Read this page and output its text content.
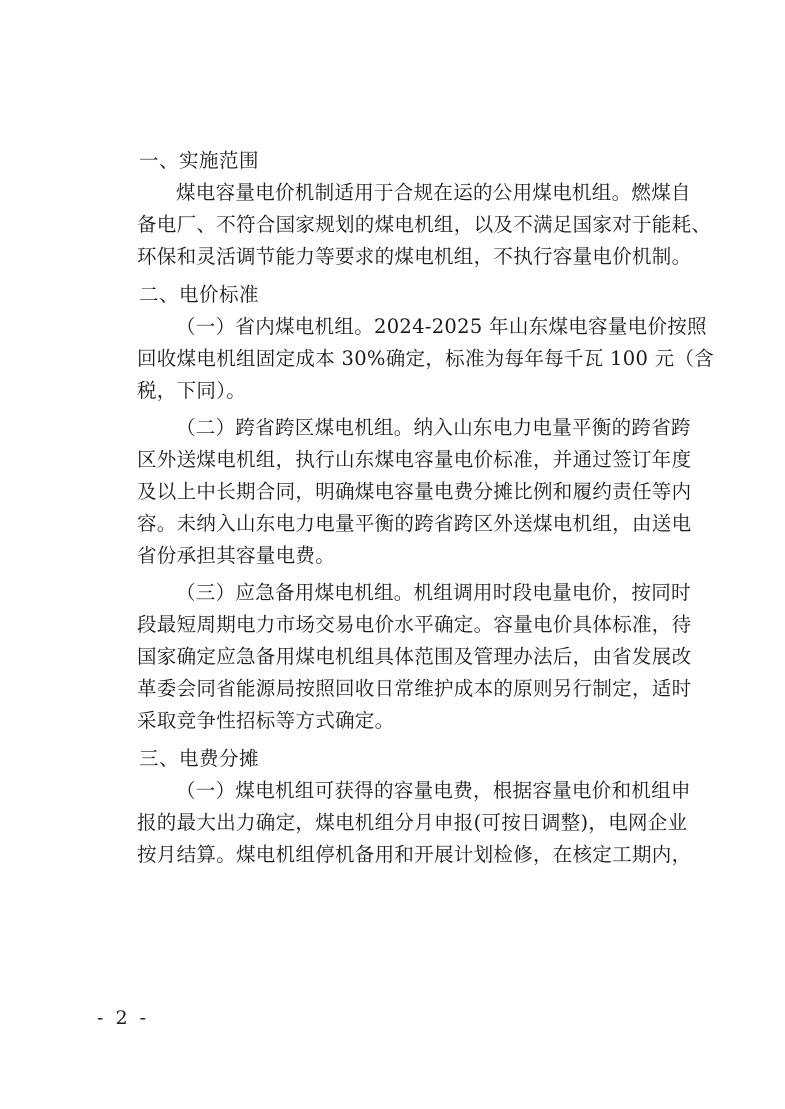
一、实施范围
煤电容量电价机制适用于合规在运的公用煤电机组。燃煤自
备电厂、不符合国家规划的煤电机组，以及不满足国家对于能耗、
环保和灵活调节能力等要求的煤电机组，不执行容量电价机制。
二、电价标准
（一）省内煤电机组。2024-2025 年山东煤电容量电价按照
回收煤电机组固定成本 30%确定，标准为每年每千瓦 100 元（含
税，下同）。
（二）跨省跨区煤电机组。纳入山东电力电量平衡的跨省跨
区外送煤电机组，执行山东煤电容量电价标准，并通过签订年度
及以上中长期合同，明确煤电容量电费分摊比例和履约责任等内
容。未纳入山东电力电量平衡的跨省跨区外送煤电机组，由送电
省份承担其容量电费。
（三）应急备用煤电机组。机组调用时段电量电价，按同时
段最短周期电力市场交易电价水平确定。容量电价具体标准，待
国家确定应急备用煤电机组具体范围及管理办法后，由省发展改
革委会同省能源局按照回收日常维护成本的原则另行制定，适时
采取竞争性招标等方式确定。
三、电费分摊
（一）煤电机组可获得的容量电费，根据容量电价和机组申
报的最大出力确定，煤电机组分月申报(可按日调整)，电网企业
按月结算。煤电机组停机备用和开展计划检修，在核定工期内，
- 2 -
